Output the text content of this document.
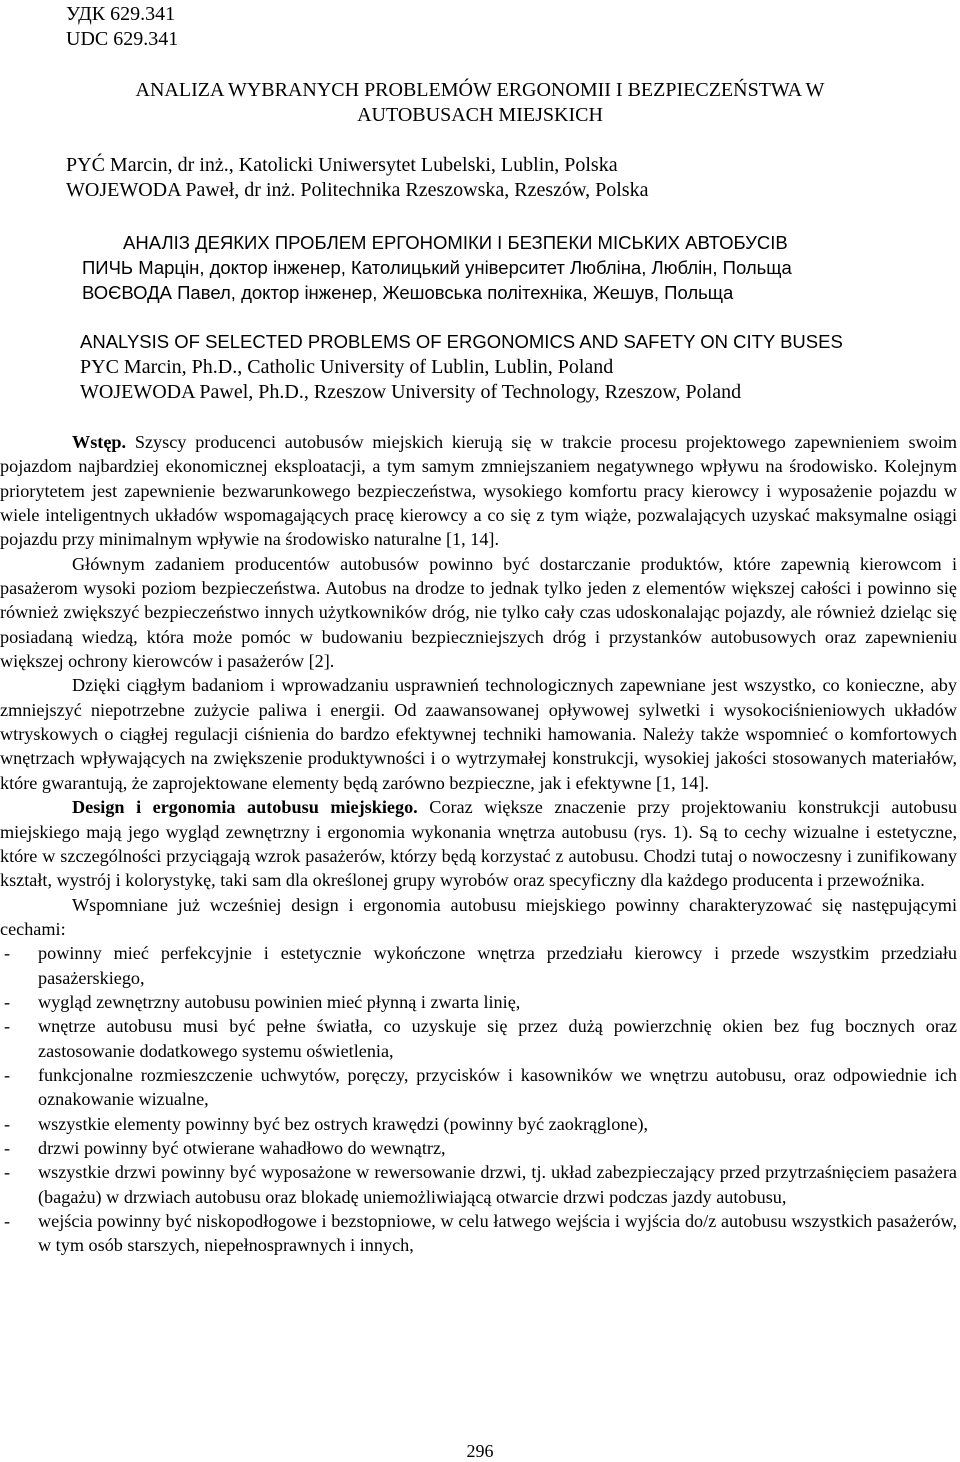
УДК 629.341
UDC 629.341
ANALIZA WYBRANYCH PROBLEMÓW ERGONOMII I BEZPIECZEŃSTWA W
AUTOBUSACH MIEJSKICH
PYĆ Marcin, dr inż., Katolicki Uniwersytet Lubelski, Lublin, Polska
WOJEWODA Paweł, dr inż. Politechnika Rzeszowska, Rzeszów, Polska
АНАЛІЗ ДЕЯКИХ ПРОБЛЕМ ЕРГОНОМІКИ І БЕЗПЕКИ МІСЬКИХ АВТОБУСІВ
ПИЧЬ Марцін, доктор інженер, Католицький університет Любліна, Люблін, Польща
ВОЄВОДА Павел, доктор інженер, Жешовська політехніка, Жешув, Польща
ANALYSIS OF SELECTED PROBLEMS OF ERGONOMICS AND SAFETY ON CITY BUSES
PYC Marcin, Ph.D., Catholic University of Lublin, Lublin, Poland
WOJEWODA Pawel, Ph.D., Rzeszow University of Technology, Rzeszow, Poland

Wstęp. Szyscy producenci autobusów miejskich kierują się w trakcie procesu projektowego zapewnieniem swoim pojazdom najbardziej ekonomicznej eksploatacji, a tym samym zmniejszaniem negatywnego wpływu na środowisko. Kolejnym priorytetem jest zapewnienie bezwarunkowego bezpieczeństwa, wysokiego komfortu pracy kierowcy i wyposażenie pojazdu w wiele inteligentnych układów wspomagających pracę kierowcy a co się z tym wiąże, pozwalających uzyskać maksymalne osiągi pojazdu przy minimalnym wpływie na środowisko naturalne [1, 14].

Głównym zadaniem producentów autobusów powinno być dostarczanie produktów, które zapewnią kierowcom i pasażerom wysoki poziom bezpieczeństwa. Autobus na drodze to jednak tylko jeden z elementów większej całości i powinno się również zwiększyć bezpieczeństwo innych użytkowników dróg, nie tylko cały czas udoskonalając pojazdy, ale również dzieląc się posiadaną wiedzą, która może pomóc w budowaniu bezpieczniejszych dróg i przystanków autobusowych oraz zapewnieniu większej ochrony kierowców i pasażerów [2].

Dzięki ciągłym badaniom i wprowadzaniu usprawnień technologicznych zapewniane jest wszystko, co konieczne, aby zmniejszyć niepotrzebne zużycie paliwa i energii. Od zaawansowanej opływowej sylwetki i wysokociśnieniowych układów wtryskowych o ciągłej regulacji ciśnienia do bardzo efektywnej techniki hamowania. Należy także wspomnieć o komfortowych wnętrzach wpływających na zwiększenie produktywności i o wytrzymałej konstrukcji, wysokiej jakości stosowanych materiałów, które gwarantują, że zaprojektowane elementy będą zarówno bezpieczne, jak i efektywne [1, 14].

Design i ergonomia autobusu miejskiego. Coraz większe znaczenie przy projektowaniu konstrukcji autobusu miejskiego mają jego wygląd zewnętrzny i ergonomia wykonania wnętrza autobusu (rys. 1). Są to cechy wizualne i estetyczne, które w szczególności przyciągają wzrok pasażerów, którzy będą korzystać z autobusu. Chodzi tutaj o nowoczesny i zunifikowany kształt, wystrój i kolorystykę, taki sam dla określonej grupy wyrobów oraz specyficzny dla każdego producenta i przewoźnika.

Wspomniane już wcześniej design i ergonomia autobusu miejskiego powinny charakteryzować się następującymi cechami:

- powinny mieć perfekcyjnie i estetycznie wykończone wnętrza przedziału kierowcy i przede wszystkim przedziału pasażerskiego,
- wygląd zewnętrzny autobusu powinien mieć płynną i zwarta linię,
- wnętrze autobusu musi być pełne światła, co uzyskuje się przez dużą powierzchnię okien bez fug bocznych oraz zastosowanie dodatkowego systemu oświetlenia,
- funkcjonalne rozmieszczenie uchwytów, poręczy, przycisków i kasowników we wnętrzu autobusu, oraz odpowiednie ich oznakowanie wizualne,
- wszystkie elementy powinny być bez ostrych krawędzi (powinny być zaokrąglone),
- drzwi powinny być otwierane wahadłowo do wewnątrz,
- wszystkie drzwi powinny być wyposażone w rewersowanie drzwi, tj. układ zabezpieczający przed przytrzaśnięciem pasażera (bagażu) w drzwiach autobusu oraz blokadę uniemożliwiającą otwarcie drzwi podczas jazdy autobusu,
- wejścia powinny być niskopodłogowe i bezstopniowe, w celu łatwego wejścia i wyjścia do/z autobusu wszystkich pasażerów, w tym osób starszych, niepełnosprawnych i innych,
296
